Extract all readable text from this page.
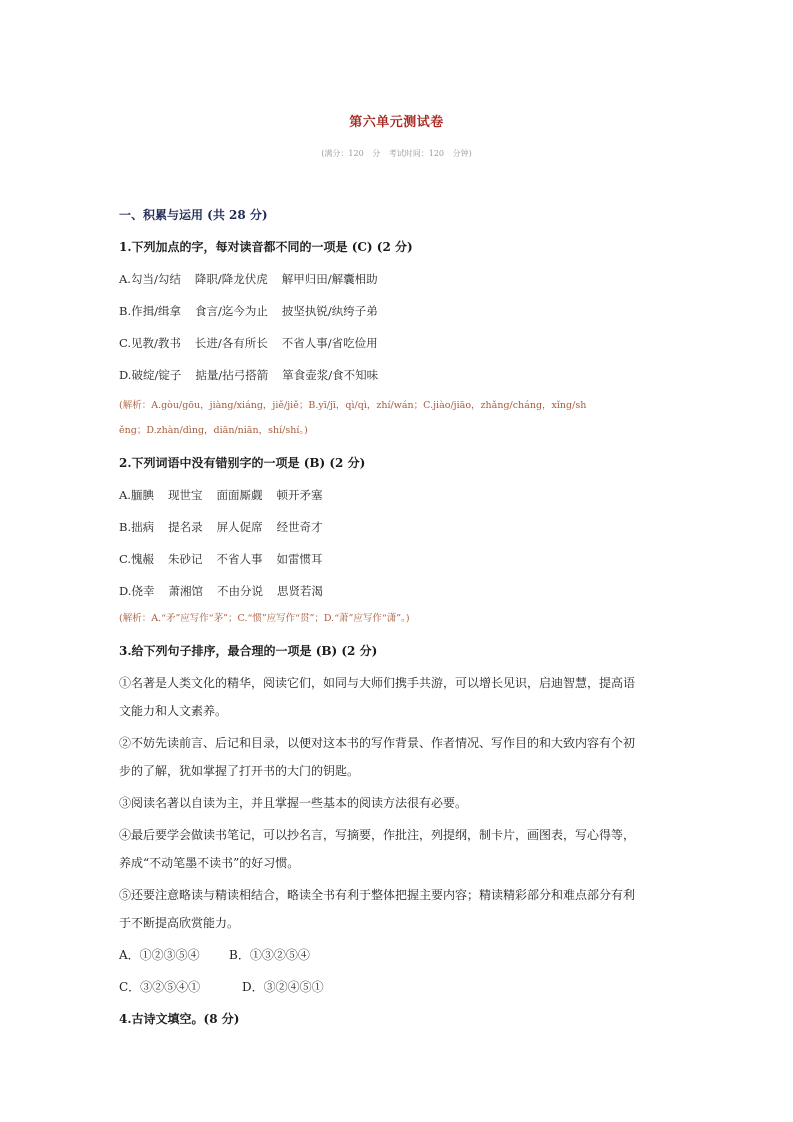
第六单元测试卷
(满分：120 分 考试时间：120 分钟)
一、积累与运用 (共 28 分)
1.下列加点的字，每对读音都不同的一项是 (C) (2 分)
A.勾当/勾结 降职/降龙伏虎 解甲归田/解囊相助
B.作揖/缉拿 食言/迄今为止 披坚执锐/纨绔子弟
C.见教/教书 长进/各有所长 不省人事/省吃俭用
D.破绽/锭子 掂量/拈弓搭箭 箪食壶浆/食不知味
(解析：A.gòu/gōu，jiàng/xiáng，jiě/jiě；B.yī/jī，qì/qì，zhí/wán；C.jiào/jiāo，zhǎng/cháng，xǐng/sh
ěng；D.zhàn/dìng，diān/niān，shí/shí。)
2.下列词语中没有错别字的一项是 (B) (2 分)
A.腼腆 现世宝 面面厮觑 顿开矛塞
B.拙病 提名录 屏人促席 经世奇才
C.愧赧 朱砂记 不省人事 如雷惯耳
D.侥幸 萧湘馆 不由分说 思贤若渴
(解析：A.“矛”应写作“茅”；C.“惯”应写作“贯”；D.“萧”应写作“潇”。)
3.给下列句子排序，最合理的一项是 (B) (2 分)
①名著是人类文化的精华，阅读它们，如同与大师们携手共游，可以增长见识，启迪智慧，提高语
文能力和人文素养。
②不妨先读前言、后记和目录，以便对这本书的写作背景、作者情况、写作目的和大致内容有个初
步的了解，犹如掌握了打开书的大门的钥匙。
③阅读名著以自读为主，并且掌握一些基本的阅读方法很有必要。
④最后要学会做读书笔记，可以抄名言，写摘要，作批注，列提纲，制卡片，画图表，写心得等，
养成“不动笔墨不读书”的好习惯。
⑤还要注意略读与精读相结合，略读全书有利于整体把握主要内容；精读精彩部分和难点部分有利
于不断提高欣赏能力。
A．①②③⑤④ B．①③②⑤④
C．③②⑤④①	D．③②④⑤①
4.古诗文填空。(8 分)
